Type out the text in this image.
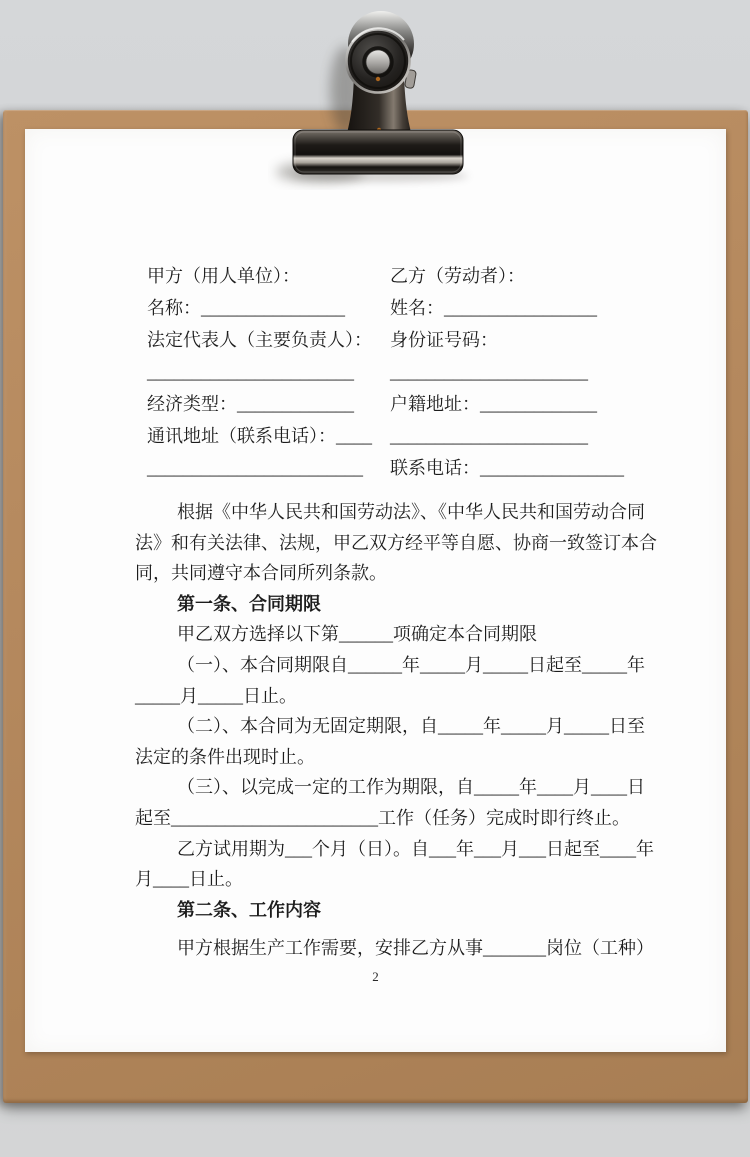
甲方（用人单位）：	乙方（劳动者）：
名称：________________	姓名：_________________
法定代表人（主要负责人）：	身份证号码：
_______________________	______________________
经济类型：_____________	户籍地址：_____________
通讯地址（联系电话）：____	______________________
________________________	联系电话：________________
根据《中华人民共和国劳动法》、《中华人民共和国劳动合同
法》和有关法律、法规，甲乙双方经平等自愿、协商一致签订本合
同，共同遵守本合同所列条款。
第一条、合同期限
甲乙双方选择以下第______项确定本合同期限
（一）、本合同期限自______年_____月_____日起至_____年
_____月_____日止。
（二）、本合同为无固定期限，自_____年_____月_____日至
法定的条件出现时止。
（三）、以完成一定的工作为期限，自_____年____月____日
起至_______________________工作（任务）完成时即行终止。
乙方试用期为___个月（日）。自___年___月___日起至____年
月____日止。
第二条、工作内容
甲方根据生产工作需要，安排乙方从事_______岗位（工种）
2
